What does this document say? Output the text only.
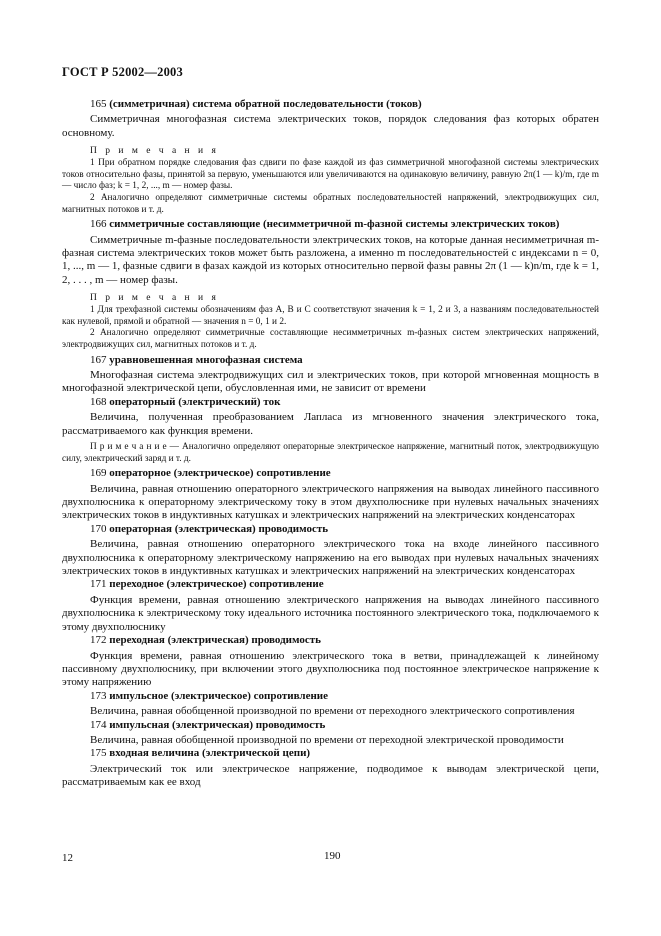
ГОСТ Р 52002—2003

165 (симметричная) система обратной последовательности (токов)

Симметричная многофазная система электрических токов, порядок следования фаз которых обратен основному.

П р и м е ч а н и я

1 При обратном порядке следования фаз сдвиги по фазе каждой из фаз симметричной многофазной системы электрических токов относительно фазы, принятой за первую, уменьшаются или увеличиваются на одинаковую величину, равную 2π(1 — k)/m, где m — число фаз; k = 1, 2, ..., m — номер фазы.

2 Аналогично определяют симметричные системы обратных последовательностей напряжений, электродвижущих сил, магнитных потоков и т. д.

166 симметричные составляющие (несимметричной m-фазной системы электрических токов)

Симметричные m-фазные последовательности электрических токов, на которые данная несимметричная m-фазная система электрических токов может быть разложена, а именно m последовательностей с индексами n = 0, 1, ..., m — 1, фазные сдвиги в фазах каждой из которых относительно первой фазы равны 2π (1 — k)n/m, где k = 1, 2, . . . , m — номер фазы.

П р и м е ч а н и я

1 Для трехфазной системы обозначениям фаз А, В и С соответствуют значения k = 1, 2 и 3, а названиям последовательностей как нулевой, прямой и обратной — значения n = 0, 1 и 2.

2 Аналогично определяют симметричные составляющие несимметричных m-фазных систем электрических напряжений, электродвижущих сил, магнитных потоков и т. д.

167 уравновешенная многофазная система

Многофазная система электродвижущих сил и электрических токов, при которой мгновенная мощность в многофазной электрической цепи, обусловленная ими, не зависит от времени

168 операторный (электрический) ток

Величина, полученная преобразованием Лапласа из мгновенного значения электрического тока, рассматриваемого как функция времени.

П р и м е ч а н и е — Аналогично определяют операторные электрическое напряжение, магнитный поток, электродвижущую силу, электрический заряд и т. д.

169 операторное (электрическое) сопротивление

Величина, равная отношению операторного электрического напряжения на выводах линейного пассивного двухполюсника к операторному электрическому току в этом двухполюснике при нулевых начальных значениях электрических токов в индуктивных катушках и электрических напряжений на электрических конденсаторах

170 операторная (электрическая) проводимость

Величина, равная отношению операторного электрического тока на входе линейного пассивного двухполюсника к операторному электрическому напряжению на его выводах при нулевых начальных значениях электрических токов в индуктивных катушках и электрических напряжений на электрических конденсаторах

171 переходное (электрическое) сопротивление

Функция времени, равная отношению электрического напряжения на выводах линейного пассивного двухполюсника к электрическому току идеального источника постоянного электрического тока, подключаемого к этому двухполюснику

172 переходная (электрическая) проводимость

Функция времени, равная отношению электрического тока в ветви, принадлежащей к линейному пассивному двухполюснику, при включении этого двухполюсника под постоянное электрическое напряжение к этому напряжению

173 импульсное (электрическое) сопротивление

Величина, равная обобщенной производной по времени от переходного электрического сопротивления

174 импульсная (электрическая) проводимость

Величина, равная обобщенной производной по времени от переходной электрической проводимости

175 входная величина (электрической цепи)

Электрический ток или электрическое напряжение, подводимое к выводам электрической цепи, рассматриваемым как ее вход

12	190
